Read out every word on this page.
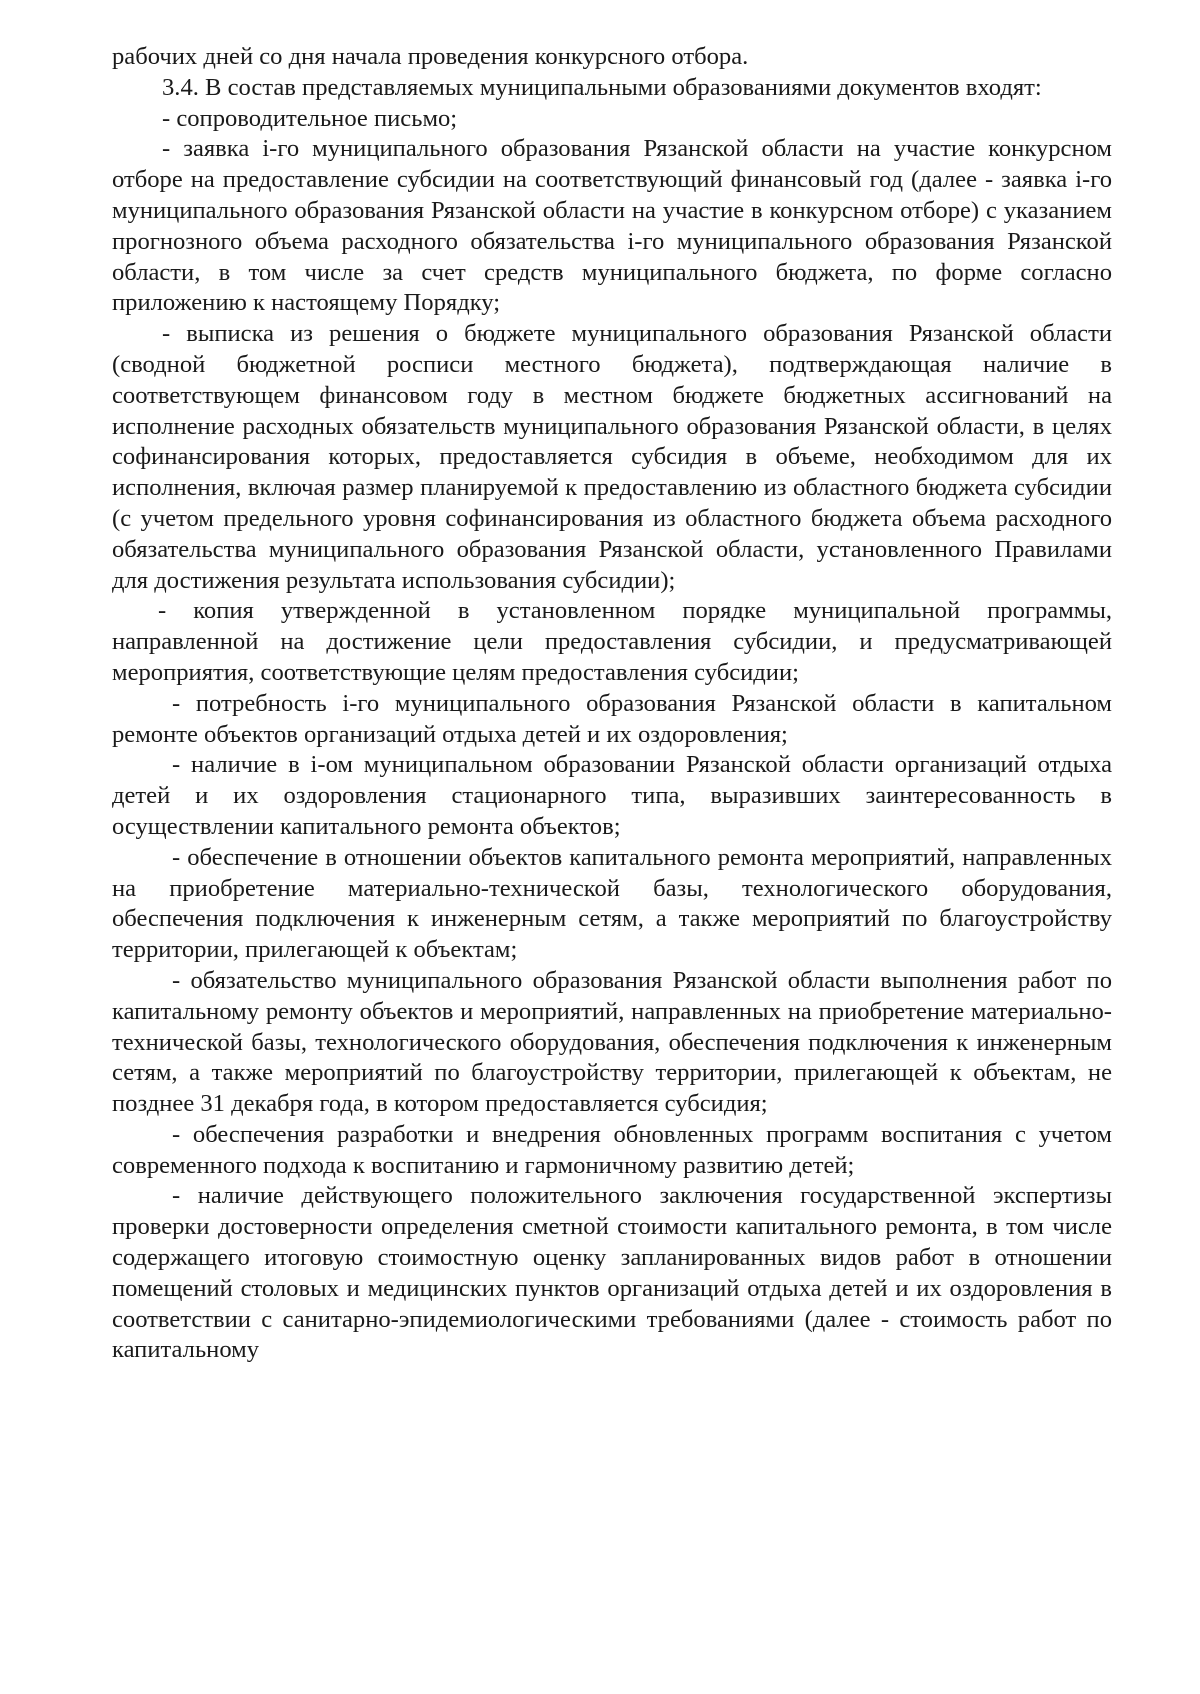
рабочих дней со дня начала проведения конкурсного отбора.

3.4. В состав представляемых муниципальными образованиями документов входят:

- сопроводительное письмо;

- заявка i-го муниципального образования Рязанской области на участие конкурсном отборе на предоставление субсидии на соответствующий финансовый год (далее - заявка i-го муниципального образования Рязанской области на участие в конкурсном отборе) с указанием прогнозного объема расходного обязательства i-го муниципального образования Рязанской области, в том числе за счет средств муниципального бюджета, по форме согласно приложению к настоящему Порядку;

- выписка из решения о бюджете муниципального образования Рязанской области (сводной бюджетной росписи местного бюджета), подтверждающая наличие в соответствующем финансовом году в местном бюджете бюджетных ассигнований на исполнение расходных обязательств муниципального образования Рязанской области, в целях софинансирования которых, предоставляется субсидия в объеме, необходимом для их исполнения, включая размер планируемой к предоставлению из областного бюджета субсидии (с учетом предельного уровня софинансирования из областного бюджета объема расходного обязательства муниципального образования Рязанской области, установленного Правилами для достижения результата использования субсидии);

- копия утвержденной в установленном порядке муниципальной программы, направленной на достижение цели предоставления субсидии, и предусматривающей мероприятия, соответствующие целям предоставления субсидии;

- потребность i-го муниципального образования Рязанской области в капитальном ремонте объектов организаций отдыха детей и их оздоровления;

- наличие в i-ом муниципальном образовании Рязанской области организаций отдыха детей и их оздоровления стационарного типа, выразивших заинтересованность в осуществлении капитального ремонта объектов;

- обеспечение в отношении объектов капитального ремонта мероприятий, направленных на приобретение материально-технической базы, технологического оборудования, обеспечения подключения к инженерным сетям, а также мероприятий по благоустройству территории, прилегающей к объектам;

- обязательство муниципального образования Рязанской области выполнения работ по капитальному ремонту объектов и мероприятий, направленных на приобретение материально-технической базы, технологического оборудования, обеспечения подключения к инженерным сетям, а также мероприятий по благоустройству территории, прилегающей к объектам, не позднее 31 декабря года, в котором предоставляется субсидия;

- обеспечения разработки и внедрения обновленных программ воспитания с учетом современного подхода к воспитанию и гармоничному развитию детей;

- наличие действующего положительного заключения государственной экспертизы проверки достоверности определения сметной стоимости капитального ремонта, в том числе содержащего итоговую стоимостную оценку запланированных видов работ в отношении помещений столовых и медицинских пунктов организаций отдыха детей и их оздоровления в соответствии с санитарно-эпидемиологическими требованиями (далее - стоимость работ по капитальному
